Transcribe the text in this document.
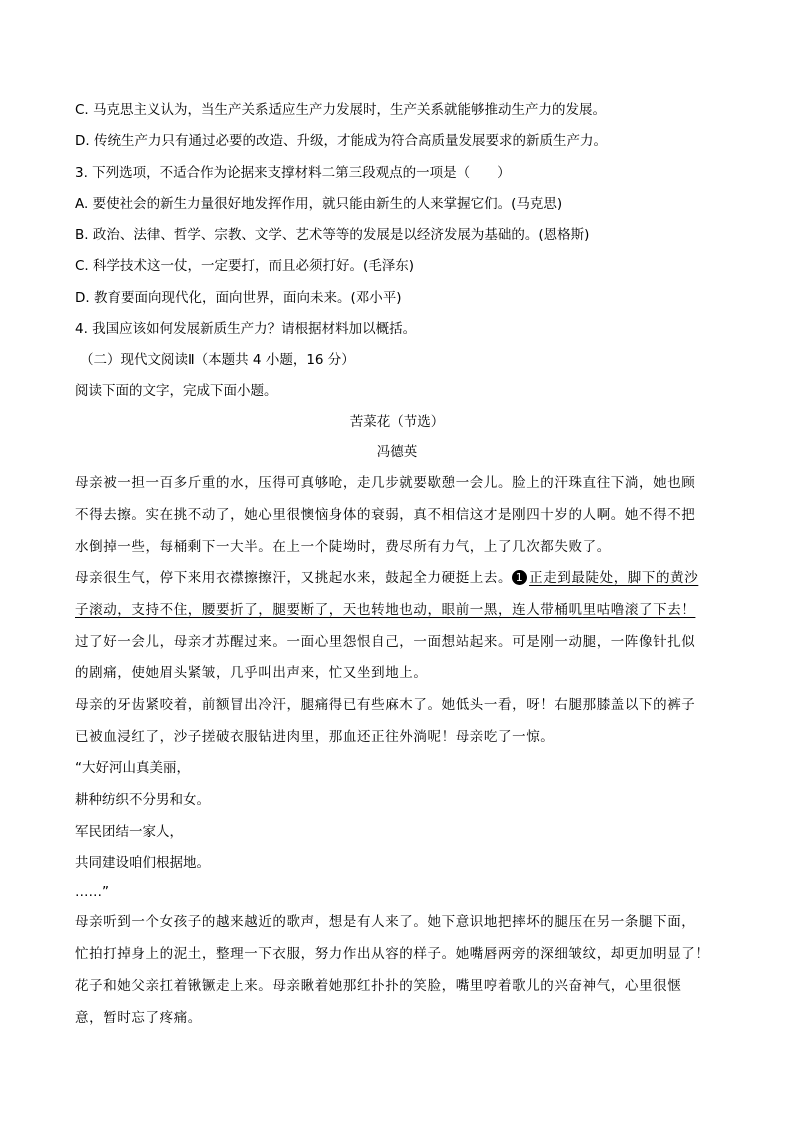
C. 马克思主义认为，当生产关系适应生产力发展时，生产关系就能够推动生产力的发展。
D. 传统生产力只有通过必要的改造、升级，才能成为符合高质量发展要求的新质生产力。
3. 下列选项，不适合作为论据来支撑材料二第三段观点的一项是（　　）
A. 要使社会的新生力量很好地发挥作用，就只能由新生的人来掌握它们。(马克思)
B. 政治、法律、哲学、宗教、文学、艺术等等的发展是以经济发展为基础的。(恩格斯)
C. 科学技术这一仗，一定要打，而且必须打好。(毛泽东)
D. 教育要面向现代化，面向世界，面向未来。(邓小平)
4. 我国应该如何发展新质生产力？请根据材料加以概括。
（二）现代文阅读Ⅱ（本题共 4 小题，16 分）
阅读下面的文字，完成下面小题。
苦菜花（节选）
冯德英
母亲被一担一百多斤重的水，压得可真够呛，走几步就要歇憩一会儿。脸上的汗珠直往下淌，她也顾
不得去擦。实在挑不动了，她心里很懊恼身体的衰弱，真不相信这才是刚四十岁的人啊。她不得不把
水倒掉一些，每桶剩下一大半。在上一个陡坳时，费尽所有力气，上了几次都失败了。
母亲很生气，停下来用衣襟擦擦汗，又挑起水来，鼓起全力硬挺上去。 1 正走到最陡处，脚下的黄沙
子滚动，支持不住，腰要折了，腿要断了，天也转地也动，眼前一黑，连人带桶叽里咕噜滚了下去！
过了好一会儿，母亲才苏醒过来。一面心里怨恨自己，一面想站起来。可是刚一动腿，一阵像针扎似
的剧痛，使她眉头紧皱，几乎叫出声来，忙又坐到地上。
母亲的牙齿紧咬着，前额冒出冷汗，腿痛得已有些麻木了。她低头一看，呀！右腿那膝盖以下的裤子
已被血浸红了，沙子搓破衣服钻进肉里，那血还正往外淌呢！母亲吃了一惊。
“大好河山真美丽，
耕种纺织不分男和女。
军民团结一家人，
共同建设咱们根据地。
……”
母亲听到一个女孩子的越来越近的歌声，想是有人来了。她下意识地把摔坏的腿压在另一条腿下面，
忙拍打掉身上的泥土，整理一下衣服，努力作出从容的样子。她嘴唇两旁的深细皱纹，却更加明显了！
花子和她父亲扛着锹镢走上来。母亲瞅着她那红扑扑的笑脸，嘴里哼着歌儿的兴奋神气，心里很惬
意，暂时忘了疼痛。
